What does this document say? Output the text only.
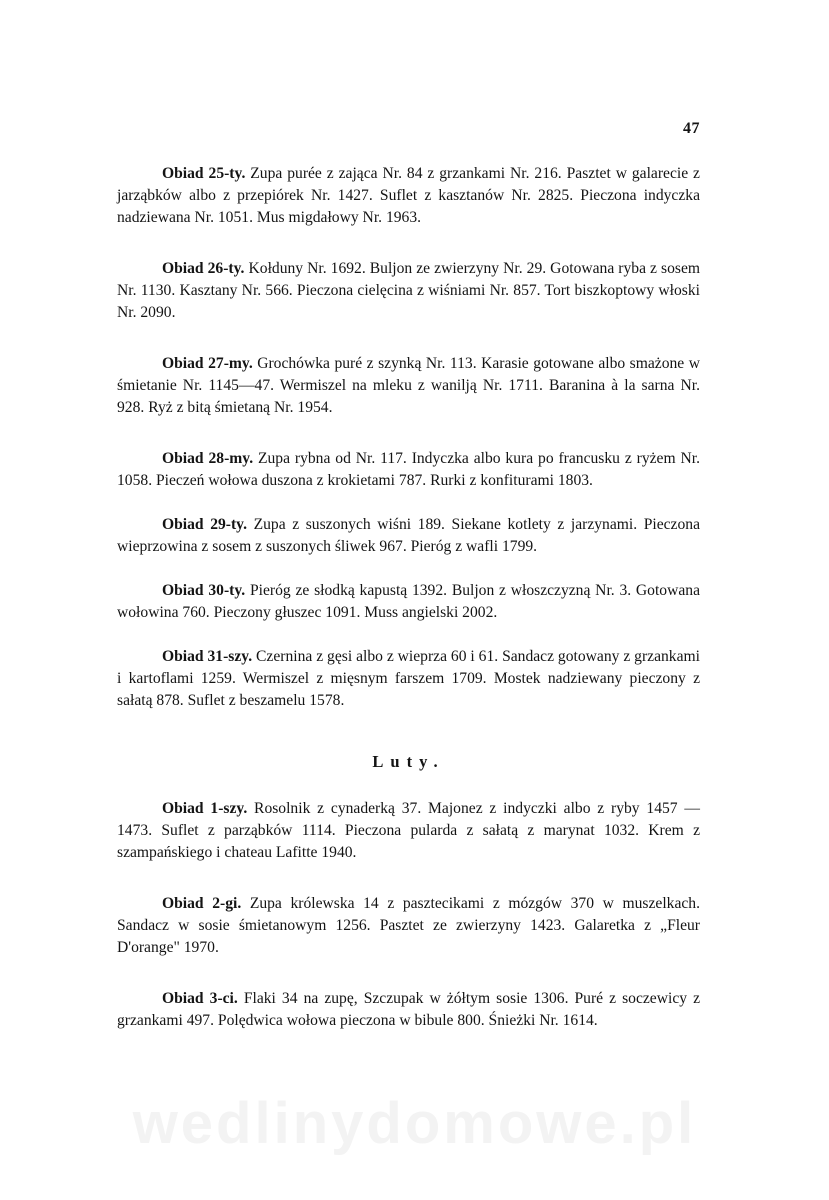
47

Obiad 25-ty. Zupa purée z zająca Nr. 84 z grzankami Nr. 216. Pasztet w galarecie z jarząbków albo z przepiórek Nr. 1427. Suflet z kasztanów Nr. 2825. Pieczona indyczka nadziewana Nr. 1051. Mus migdałowy Nr. 1963.

Obiad 26-ty. Kołduny Nr. 1692. Buljon ze zwierzyny Nr. 29. Gotowana ryba z sosem Nr. 1130. Kasztany Nr. 566. Pieczona cielęcina z wiśniami Nr. 857. Tort biszkoptowy włoski Nr. 2090.

Obiad 27-my. Grochówka puré z szynką Nr. 113. Karasie gotowane albo smażone w śmietanie Nr. 1145—47. Wermiszel na mleku z wanilją Nr. 1711. Baranina à la sarna Nr. 928. Ryż z bitą śmietaną Nr. 1954.

Obiad 28-my. Zupa rybna od Nr. 117. Indyczka albo kura po francusku z ryżem Nr. 1058. Pieczeń wołowa duszona z krokietami 787. Rurki z konfiturami 1803.

Obiad 29-ty. Zupa z suszonych wiśni 189. Siekane kotlety z jarzynami. Pieczona wieprzowina z sosem z suszonych śliwek 967. Pieróg z wafli 1799.

Obiad 30-ty. Pieróg ze słodką kapustą 1392. Buljon z włoszczyzną Nr. 3. Gotowana wołowina 760. Pieczony głuszec 1091. Muss angielski 2002.

Obiad 31-szy. Czernina z gęsi albo z wieprza 60 i 61. Sandacz gotowany z grzankami i kartoflami 1259. Wermiszel z mięsnym farszem 1709. Mostek nadziewany pieczony z sałatą 878. Suflet z beszamelu 1578.

Luty.

Obiad 1-szy. Rosolnik z cynaderką 37. Majonez z indyczki albo z ryby 1457 — 1473. Suflet z parząbków 1114. Pieczona pularda z sałatą z marynat 1032. Krem z szampańskiego i chateau Lafitte 1940.

Obiad 2-gi. Zupa królewska 14 z pasztecikami z mózgów 370 w muszelkach. Sandacz w sosie śmietanowym 1256. Pasztet ze zwierzyny 1423. Galaretka z „Fleur D'orange" 1970.

Obiad 3-ci. Flaki 34 na zupę, Szczupak w żółtym sosie 1306. Puré z soczewicy z grzankami 497. Polędwica wołowa pieczona w bibule 800. Śnieżki Nr. 1614.

wedlinydomowe.pl
